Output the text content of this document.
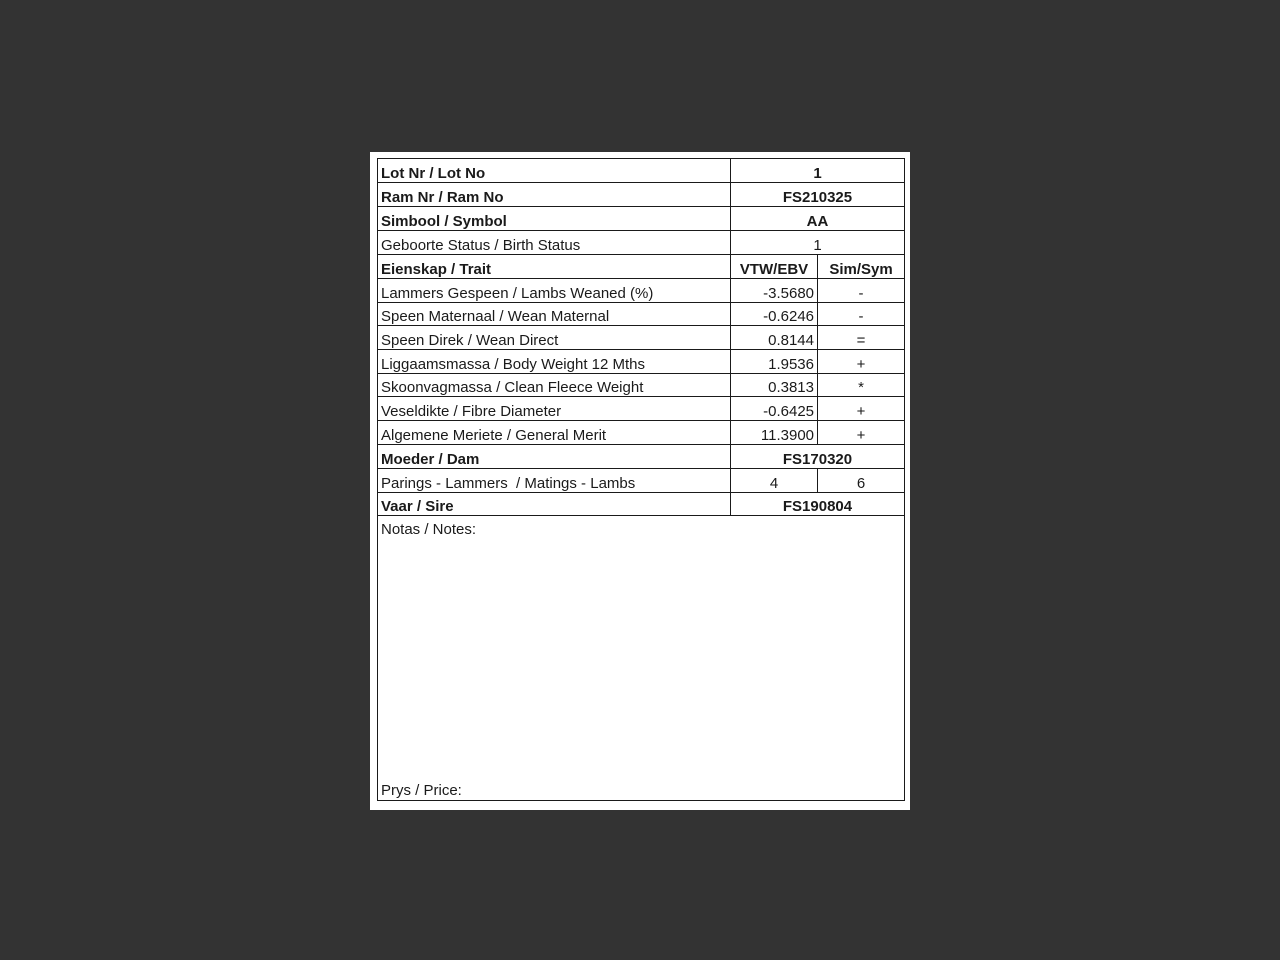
Lot Nr / Lot No	1
Ram Nr / Ram No	FS210325
Simbool / Symbol	AA
Geboorte Status / Birth Status	1
Eienskap / Trait	VTW/EBV	Sim/Sym
Lammers Gespeen / Lambs Weaned (%)	-3.5680	-
Speen Maternaal / Wean Maternal	-0.6246	-
Speen Direk / Wean Direct	0.8144	=
Liggaamsmassa / Body Weight 12 Mths	1.9536	+
Skoonvagmassa / Clean Fleece Weight	0.3813	*
Veseldikte / Fibre Diameter	-0.6425	+
Algemene Meriete / General Merit	11.3900	+
Moeder / Dam	FS170320
Parings - Lammers  / Matings - Lambs	4	6
Vaar / Sire	FS190804
Notas / Notes:
Prys / Price:
